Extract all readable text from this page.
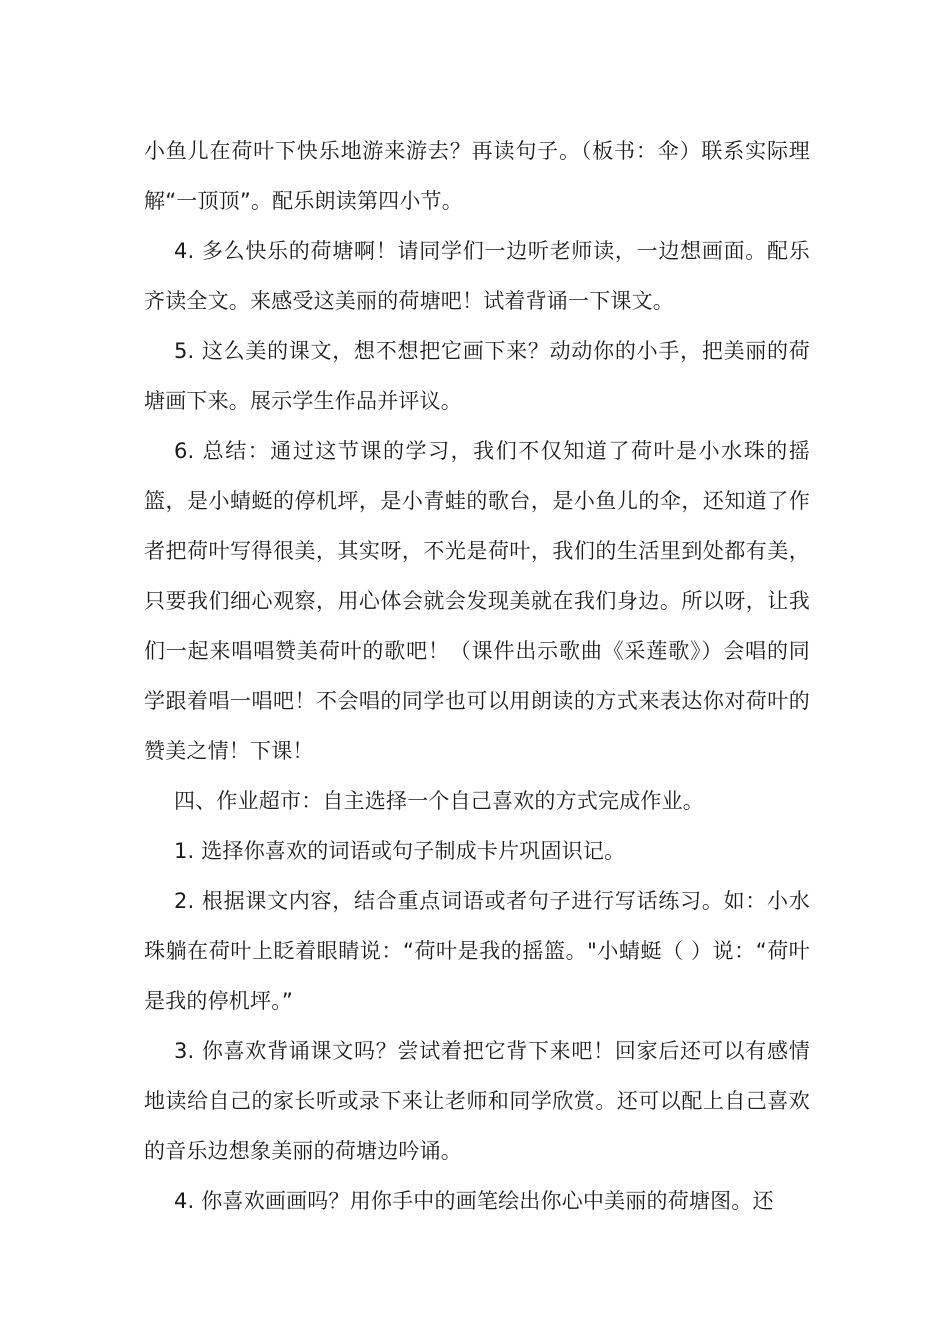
小鱼儿在荷叶下快乐地游来游去？再读句子。（板书：伞）联系实际理解“一顶顶”。配乐朗读第四小节。

4. 多么快乐的荷塘啊！请同学们一边听老师读，一边想画面。配乐齐读全文。来感受这美丽的荷塘吧！试着背诵一下课文。

5. 这么美的课文，想不想把它画下来？动动你的小手，把美丽的荷塘画下来。展示学生作品并评议。

6. 总结：通过这节课的学习，我们不仅知道了荷叶是小水珠的摇篮，是小蜻蜓的停机坪，是小青蛙的歌台，是小鱼儿的伞，还知道了作者把荷叶写得很美，其实呀，不光是荷叶，我们的生活里到处都有美，只要我们细心观察，用心体会就会发现美就在我们身边。所以呀，让我们一起来唱唱赞美荷叶的歌吧！（课件出示歌曲《采莲歌》）会唱的同学跟着唱一唱吧！不会唱的同学也可以用朗读的方式来表达你对荷叶的赞美之情！下课！

四、作业超市：自主选择一个自己喜欢的方式完成作业。

1. 选择你喜欢的词语或句子制成卡片巩固识记。

2. 根据课文内容，结合重点词语或者句子进行写话练习。如：小水珠躺在荷叶上眨着眼睛说：“荷叶是我的摇篮。"小蜻蜓（ ）说：“荷叶是我的停机坪。”

3. 你喜欢背诵课文吗？尝试着把它背下来吧！回家后还可以有感情地读给自己的家长听或录下来让老师和同学欣赏。还可以配上自己喜欢的音乐边想象美丽的荷塘边吟诵。

4. 你喜欢画画吗？用你手中的画笔绘出你心中美丽的荷塘图。还
